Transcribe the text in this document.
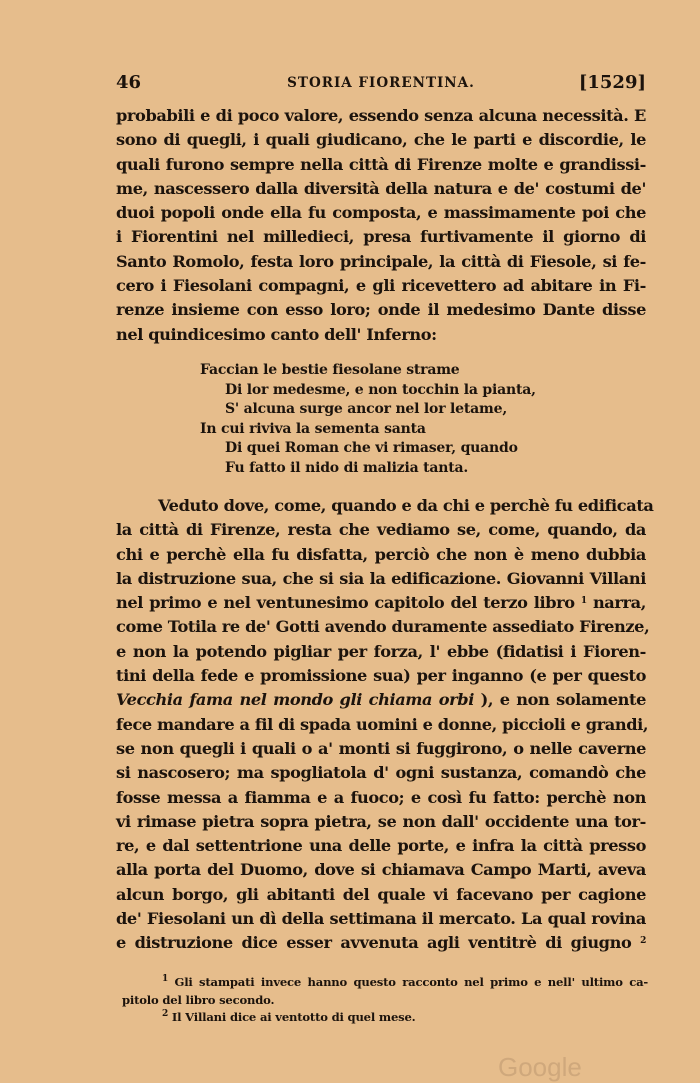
46	STORIA FIORENTINA.	[1529]
probabili e di poco valore, essendo senza alcuna necessità. E
sono di quegli, i quali giudicano, che le parti e discordie, le
quali furono sempre nella città di Firenze molte e grandissi-
me, nascessero dalla diversità della natura e de' costumi de'
duoi popoli onde ella fu composta, e massimamente poi che
i Fiorentini nel milledieci, presa furtivamente il giorno di
Santo Romolo, festa loro principale, la città di Fiesole, si fe-
cero i Fiesolani compagni, e gli ricevettero ad abitare in Fi-
renze insieme con esso loro; onde il medesimo Dante disse
nel quindicesimo canto dell' Inferno:
Faccian le bestie fiesolane strame
Di lor medesme, e non tocchin la pianta,
S' alcuna surge ancor nel lor letame,
In cui riviva la sementa santa
Di quei Roman che vi rimaser, quando
Fu fatto il nido di malizia tanta.
Veduto dove, come, quando e da chi e perchè fu edificata
la città di Firenze, resta che vediamo se, come, quando, da
chi e perchè ella fu disfatta, perciò che non è meno dubbia
la distruzione sua, che si sia la edificazione. Giovanni Villani
nel primo e nel ventunesimo capitolo del terzo libro $^1$ narra,
come Totila re de' Gotti avendo duramente assediato Firenze,
e non la potendo pigliar per forza, l' ebbe (fidatisi i Fioren-
tini della fede e promissione sua) per inganno (e per questo
Vecchia fama nel mondo gli chiama orbi ), e non solamente
fece mandare a fil di spada uomini e donne, piccioli e grandi,
se non quegli i quali o a' monti si fuggirono, o nelle caverne
si nascosero; ma spogliatola d' ogni sustanza, comandò che
fosse messa a fiamma e a fuoco; e così fu fatto: perchè non
vi rimase pietra sopra pietra, se non dall' occidente una tor-
re, e dal settentrione una delle porte, e infra la città presso
alla porta del Duomo, dove si chiamava Campo Marti, aveva
alcun borgo, gli abitanti del quale vi facevano per cagione
de' Fiesolani un dì della settimana il mercato. La qual rovina
e distruzione dice esser avvenuta agli ventitrè di giugno $^2$
$^1$ Gli stampati invece hanno questo racconto nel primo e nell' ultimo ca-
pitolo del libro secondo.
$^2$ Il Villani dice ai ventotto di quel mese.
Google
